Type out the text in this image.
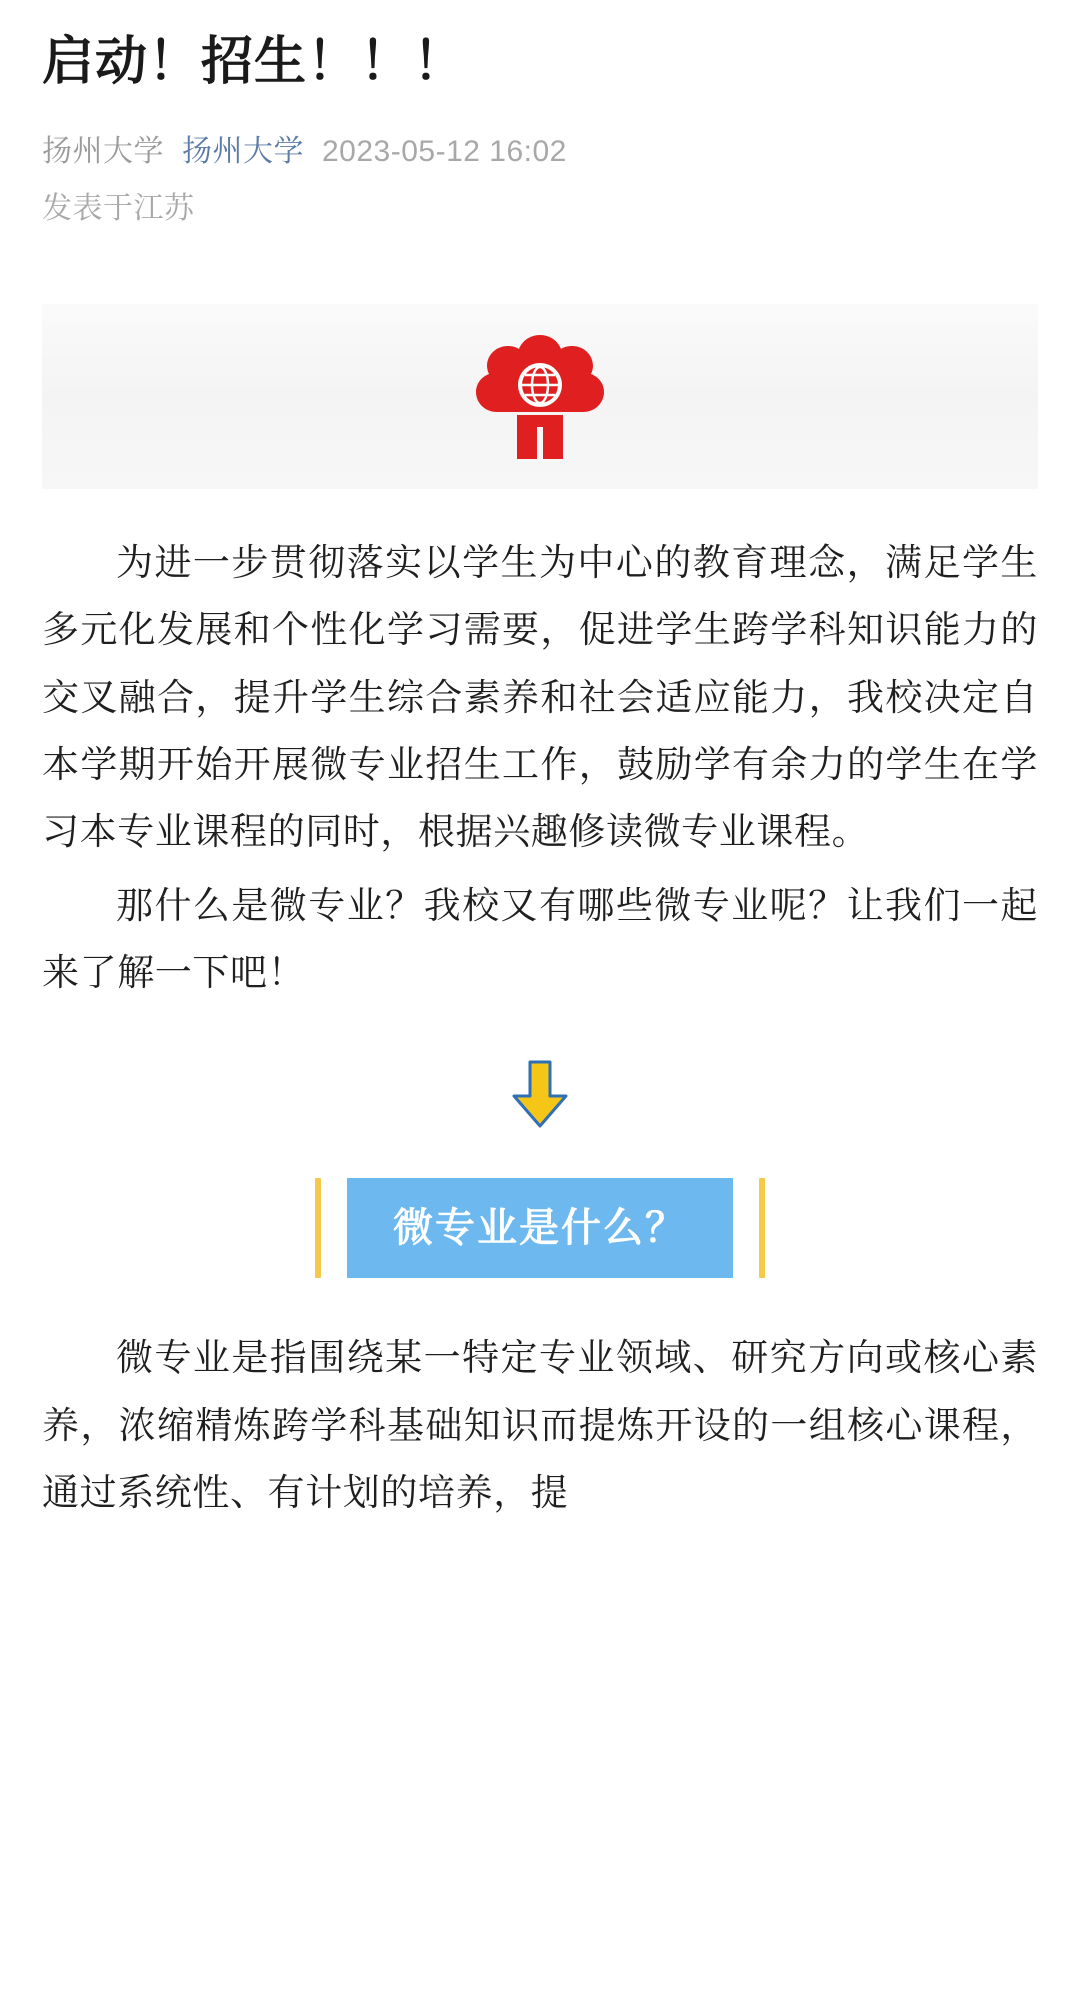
启动！招生！！！
扬州大学 扬州大学 2023-05-12 16:02
发表于江苏

为进一步贯彻落实以学生为中心的教育理念，满足学生多元化发展和个性化学习需要，促进学生跨学科知识能力的交叉融合，提升学生综合素养和社会适应能力，我校决定自本学期开始开展微专业招生工作，鼓励学有余力的学生在学习本专业课程的同时，根据兴趣修读微专业课程。

那什么是微专业？我校又有哪些微专业呢？让我们一起来了解一下吧！

微专业是什么？

微专业是指围绕某一特定专业领域、研究方向或核心素养，浓缩精炼跨学科基础知识而提炼开设的一组核心课程，通过系统性、有计划的培养，提
